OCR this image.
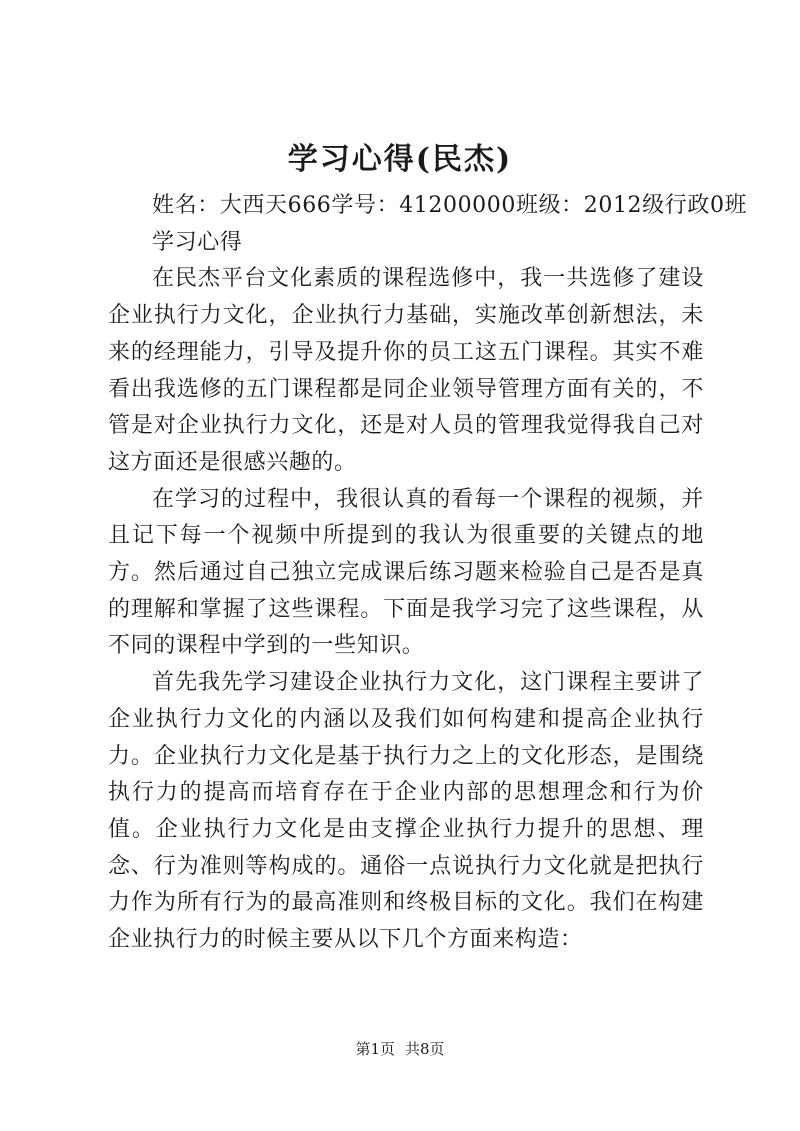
学习心得(民杰)
姓名：大西天666学号：41200000班级：2012级行政0班

学习心得

在民杰平台文化素质的课程选修中，我一共选修了建设企业执行力文化，企业执行力基础，实施改革创新想法，未来的经理能力，引导及提升你的员工这五门课程。其实不难看出我选修的五门课程都是同企业领导管理方面有关的，不管是对企业执行力文化，还是对人员的管理我觉得我自己对这方面还是很感兴趣的。

在学习的过程中，我很认真的看每一个课程的视频，并且记下每一个视频中所提到的我认为很重要的关键点的地方。然后通过自己独立完成课后练习题来检验自己是否是真的理解和掌握了这些课程。下面是我学习完了这些课程，从不同的课程中学到的一些知识。

首先我先学习建设企业执行力文化，这门课程主要讲了企业执行力文化的内涵以及我们如何构建和提高企业执行力。企业执行力文化是基于执行力之上的文化形态，是围绕执行力的提高而培育存在于企业内部的思想理念和行为价值。企业执行力文化是由支撑企业执行力提升的思想、理念、行为准则等构成的。通俗一点说执行力文化就是把执行力作为所有行为的最高准则和终极目标的文化。我们在构建企业执行力的时候主要从以下几个方面来构造：

第1页 共8页
